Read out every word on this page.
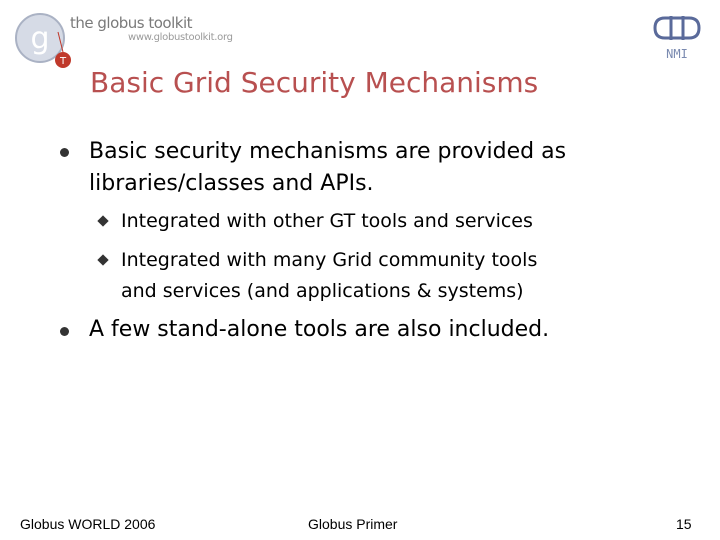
g
T
the globus toolkit
www.globustoolkit.org
NMI
Basic Grid Security Mechanisms
Basic security mechanisms are provided as
libraries/classes and APIs.
Integrated with other GT tools and services
Integrated with many Grid community tools
and services (and applications & systems)
A few stand-alone tools are also included.
Globus WORLD 2006	Globus Primer	15
